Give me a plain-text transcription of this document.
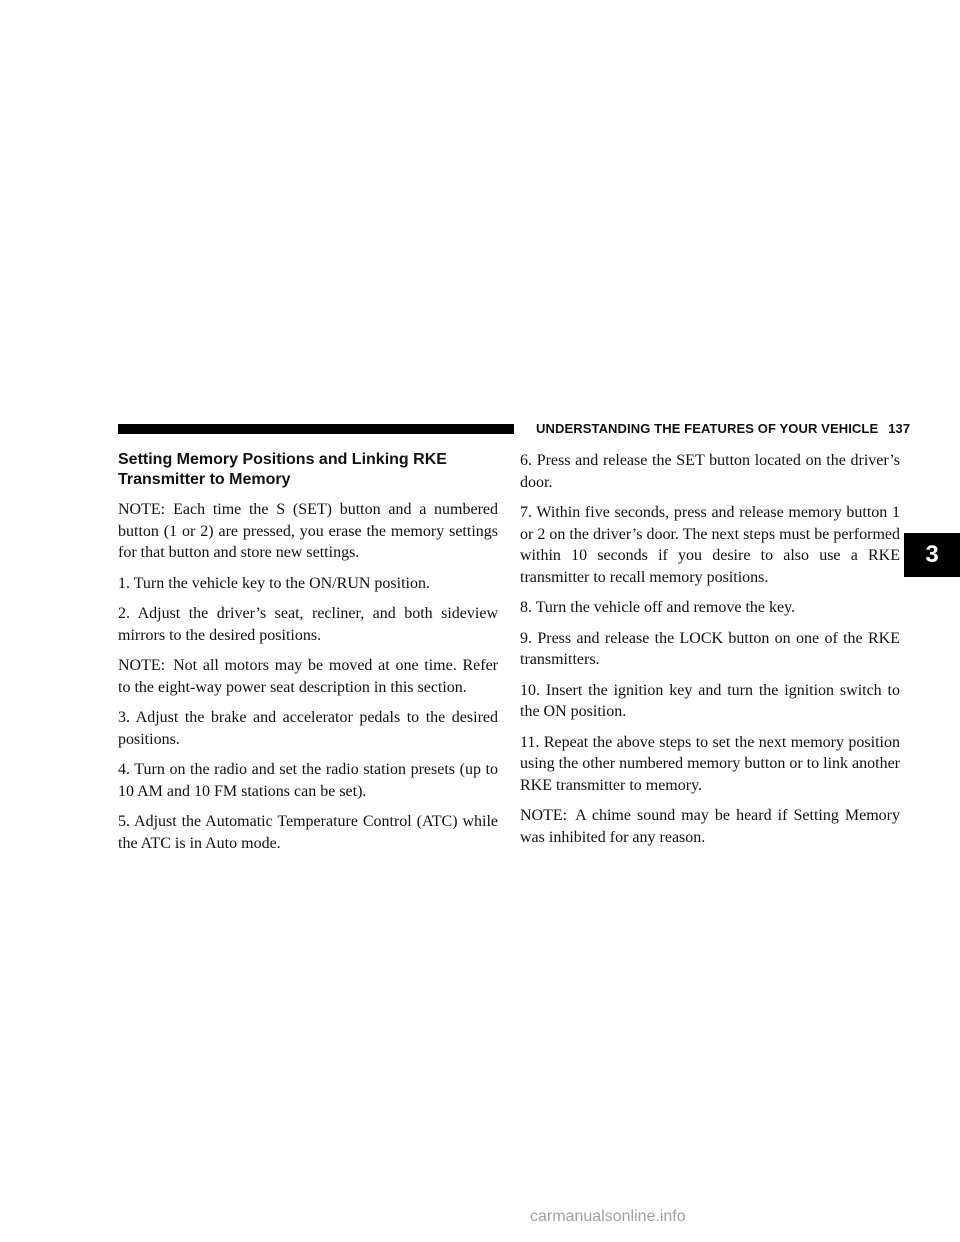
UNDERSTANDING THE FEATURES OF YOUR VEHICLE 137
Setting Memory Positions and Linking RKE Transmitter to Memory

NOTE: Each time the S (SET) button and a numbered button (1 or 2) are pressed, you erase the memory settings for that button and store new settings.

1. Turn the vehicle key to the ON/RUN position.

2. Adjust the driver’s seat, recliner, and both sideview mirrors to the desired positions.

NOTE: Not all motors may be moved at one time. Refer to the eight-way power seat description in this section.

3. Adjust the brake and accelerator pedals to the desired positions.

4. Turn on the radio and set the radio station presets (up to 10 AM and 10 FM stations can be set).

5. Adjust the Automatic Temperature Control (ATC) while the ATC is in Auto mode.

6. Press and release the SET button located on the driver’s door.

7. Within five seconds, press and release memory button 1 or 2 on the driver’s door. The next steps must be performed within 10 seconds if you desire to also use a RKE transmitter to recall memory positions.

8. Turn the vehicle off and remove the key.

9. Press and release the LOCK button on one of the RKE transmitters.

10. Insert the ignition key and turn the ignition switch to the ON position.

11. Repeat the above steps to set the next memory position using the other numbered memory button or to link another RKE transmitter to memory.

NOTE: A chime sound may be heard if Setting Memory was inhibited for any reason.

3
carmanualsonline.info
